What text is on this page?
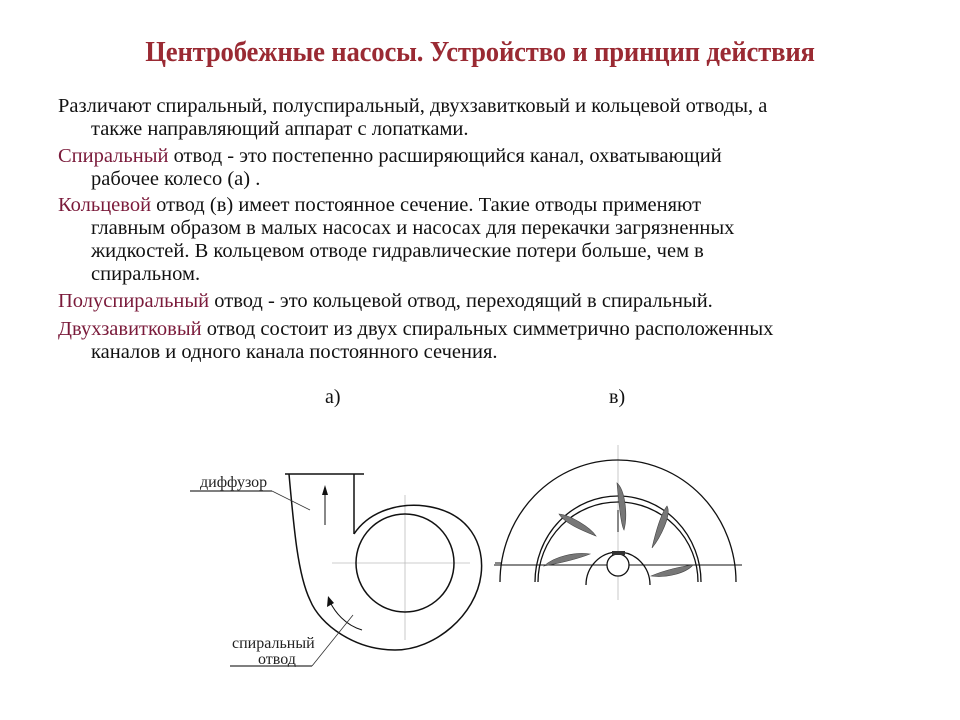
Центробежные насосы. Устройство и принцип действия
Различают спиральный, полуспиральный, двухзавитковый и кольцевой отводы, а
также направляющий аппарат с лопатками.
Спиральный отвод - это постепенно расширяющийся канал, охватывающий
рабочее колесо (а) .
Кольцевой отвод (в) имеет постоянное сечение. Такие отводы применяют
главным образом в малых насосах и насосах для перекачки загрязненных
жидкостей. В кольцевом отводе гидравлические потери больше, чем в
спиральном.
Полуспиральный отвод - это кольцевой отвод, переходящий в спиральный.
Двухзавитковый отвод состоит из двух спиральных симметрично расположенных
каналов и одного канала постоянного сечения.
а)	в)
диффузор
спиральный
отвод
